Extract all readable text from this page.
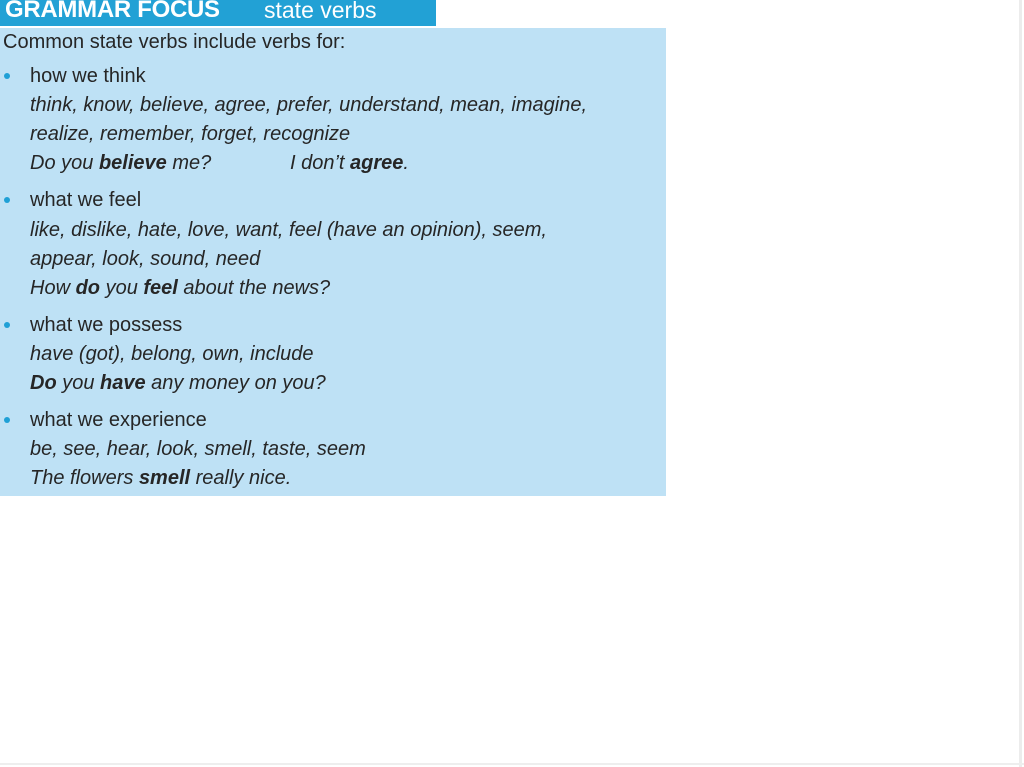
GRAMMAR FOCUS state verbs
Common state verbs include verbs for:
how we think
think, know, believe, agree, prefer, understand, mean, imagine,
realize, remember, forget, recognize
Do you believe me?	I don’t agree.
what we feel
like, dislike, hate, love, want, feel (have an opinion), seem,
appear, look, sound, need
How do you feel about the news?
what we possess
have (got), belong, own, include
Do you have any money on you?
what we experience
be, see, hear, look, smell, taste, seem
The flowers smell really nice.
